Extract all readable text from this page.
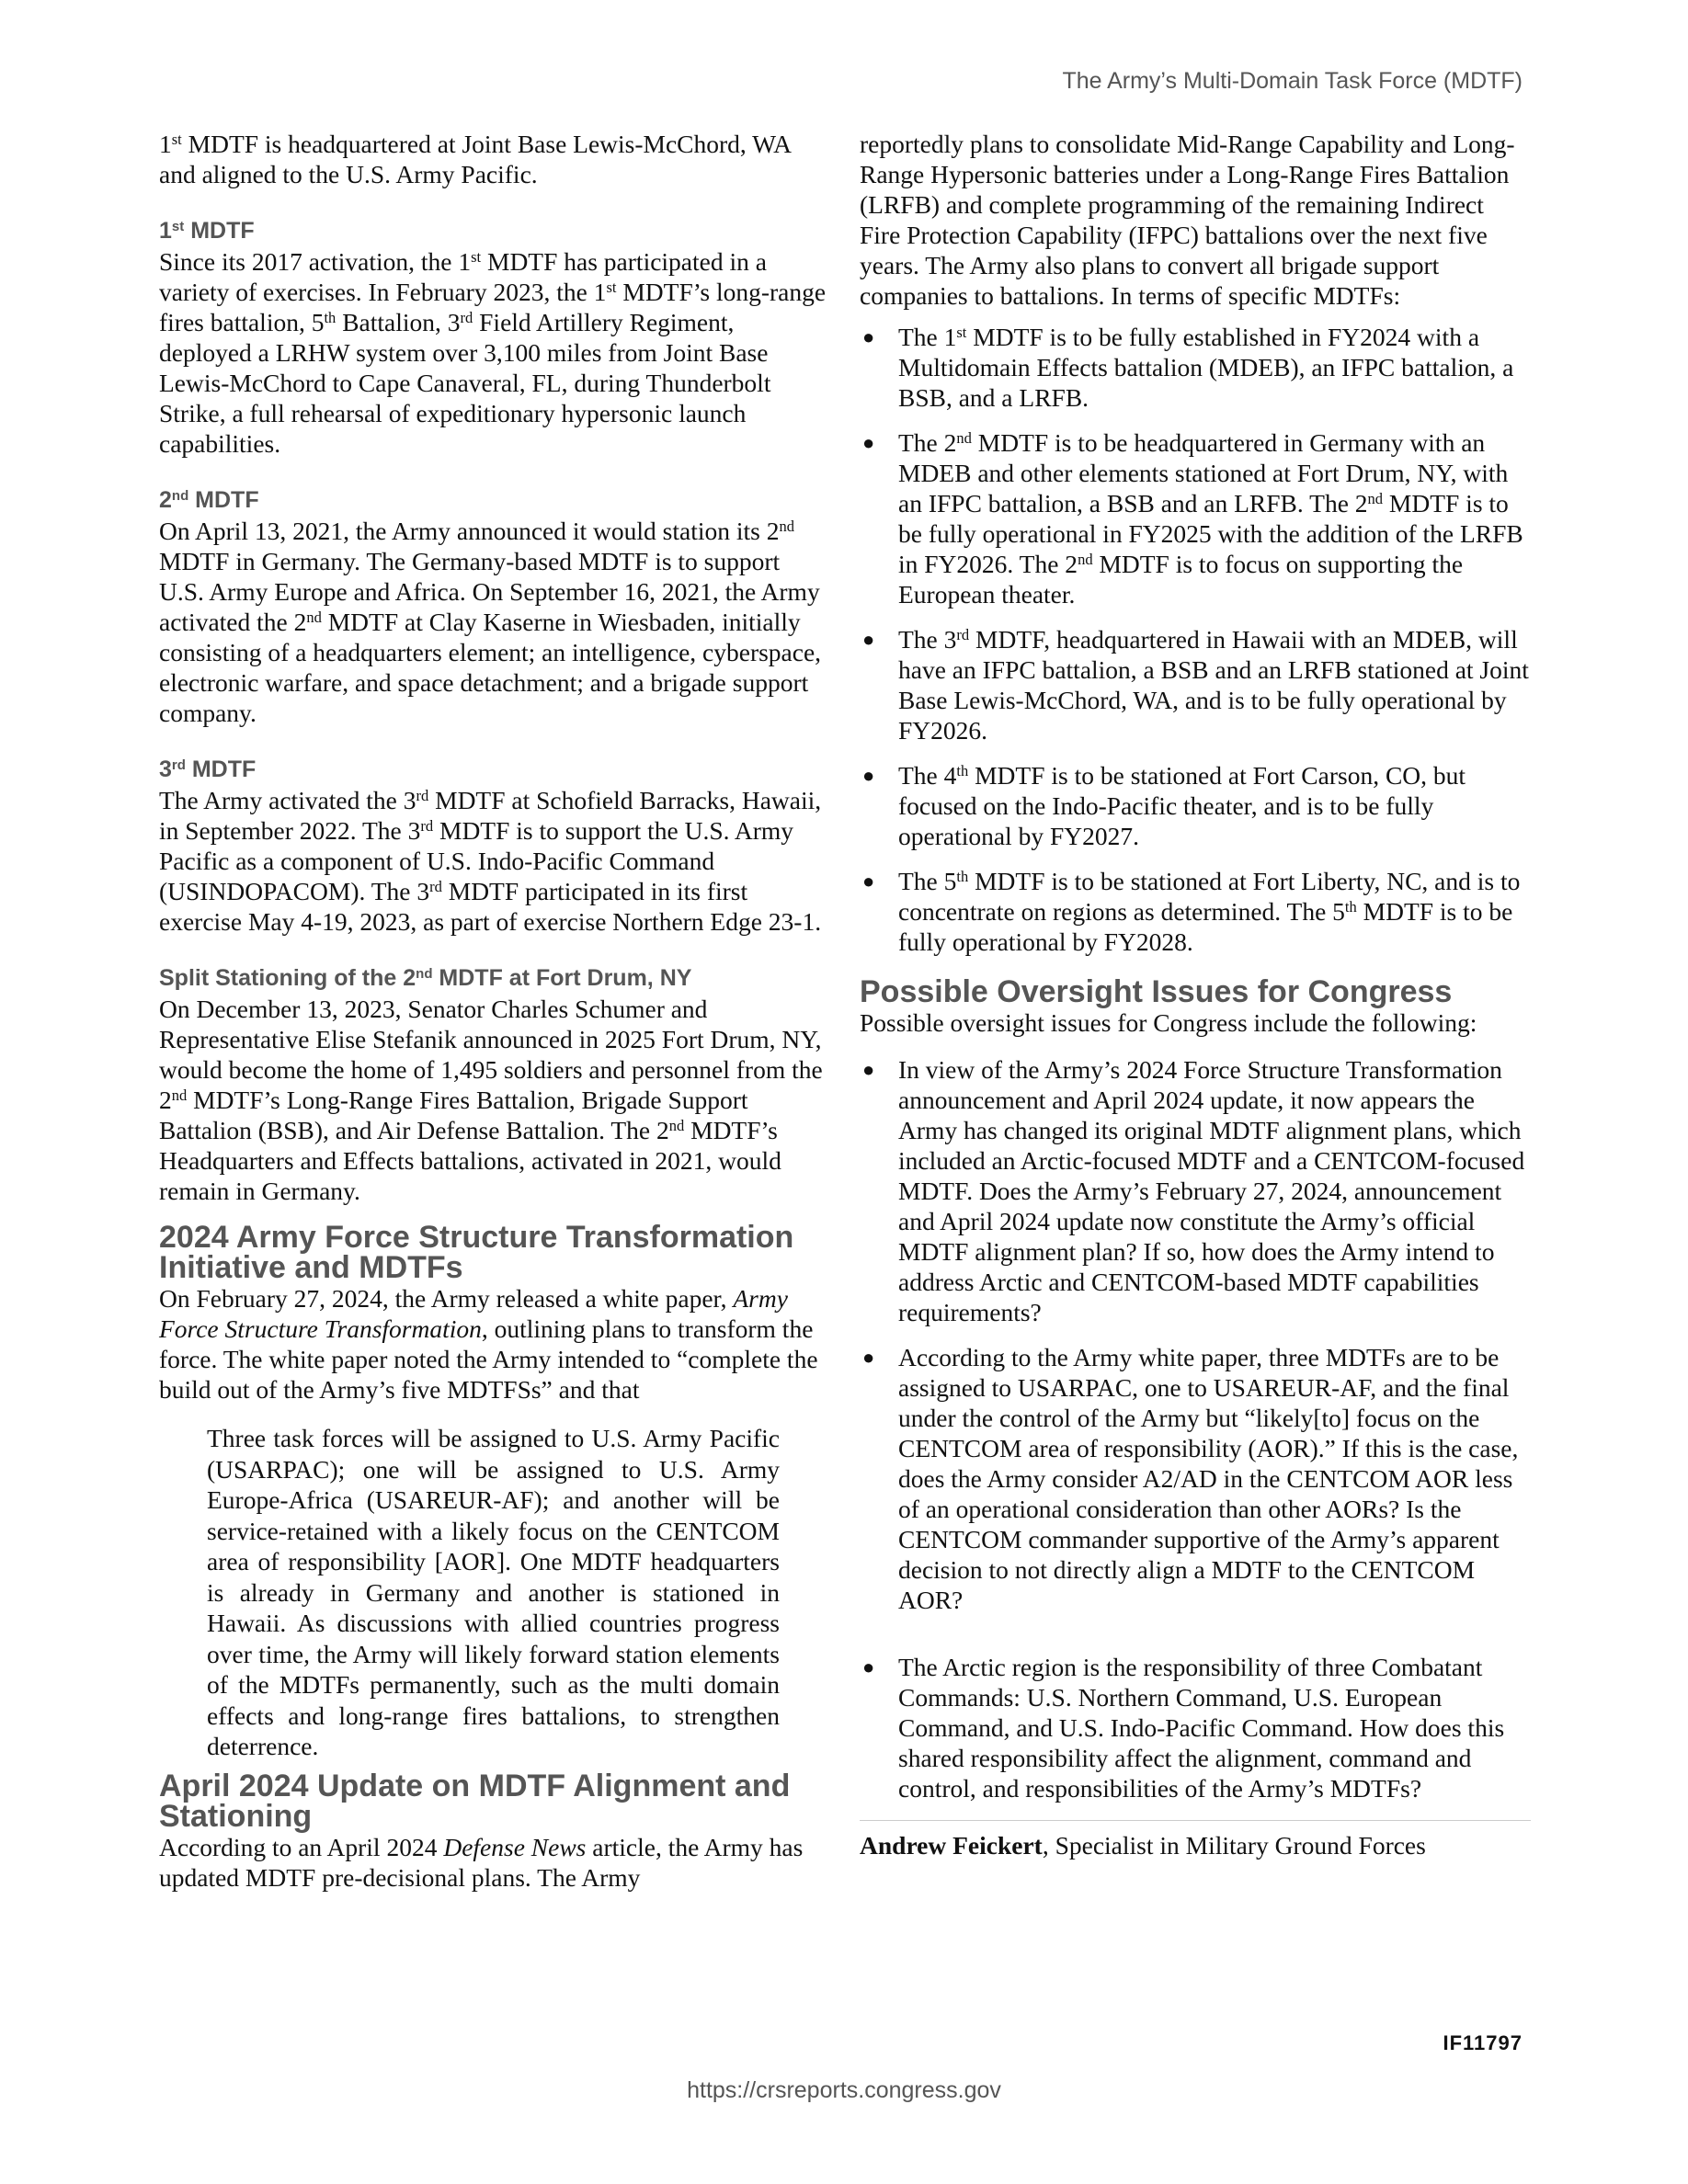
The Army’s Multi-Domain Task Force (MDTF)

1st MDTF is headquartered at Joint Base Lewis-McChord, WA and aligned to the U.S. Army Pacific.

1st MDTF

Since its 2017 activation, the 1st MDTF has participated in a variety of exercises. In February 2023, the 1st MDTF’s long-range fires battalion, 5th Battalion, 3rd Field Artillery Regiment, deployed a LRHW system over 3,100 miles from Joint Base Lewis-McChord to Cape Canaveral, FL, during Thunderbolt Strike, a full rehearsal of expeditionary hypersonic launch capabilities.

2nd MDTF

On April 13, 2021, the Army announced it would station its 2nd MDTF in Germany. The Germany-based MDTF is to support U.S. Army Europe and Africa. On September 16, 2021, the Army activated the 2nd MDTF at Clay Kaserne in Wiesbaden, initially consisting of a headquarters element; an intelligence, cyberspace, electronic warfare, and space detachment; and a brigade support company.

3rd MDTF

The Army activated the 3rd MDTF at Schofield Barracks, Hawaii, in September 2022. The 3rd MDTF is to support the U.S. Army Pacific as a component of U.S. Indo-Pacific Command (USINDOPACOM). The 3rd MDTF participated in its first exercise May 4-19, 2023, as part of exercise Northern Edge 23-1.

Split Stationing of the 2nd MDTF at Fort Drum, NY

On December 13, 2023, Senator Charles Schumer and Representative Elise Stefanik announced in 2025 Fort Drum, NY, would become the home of 1,495 soldiers and personnel from the 2nd MDTF’s Long-Range Fires Battalion, Brigade Support Battalion (BSB), and Air Defense Battalion. The 2nd MDTF’s Headquarters and Effects battalions, activated in 2021, would remain in Germany.

2024 Army Force Structure Transformation Initiative and MDTFs

On February 27, 2024, the Army released a white paper, Army Force Structure Transformation, outlining plans to transform the force. The white paper noted the Army intended to “complete the build out of the Army’s five MDTFSs” and that

Three task forces will be assigned to U.S. Army Pacific (USARPAC); one will be assigned to U.S. Army Europe-Africa (USAREUR-AF); and another will be service-retained with a likely focus on the CENTCOM area of responsibility [AOR]. One MDTF headquarters is already in Germany and another is stationed in Hawaii. As discussions with allied countries progress over time, the Army will likely forward station elements of the MDTFs permanently, such as the multi domain effects and long-range fires battalions, to strengthen deterrence.

April 2024 Update on MDTF Alignment and Stationing

According to an April 2024 Defense News article, the Army has updated MDTF pre-decisional plans. The Army

reportedly plans to consolidate Mid-Range Capability and Long-Range Hypersonic batteries under a Long-Range Fires Battalion (LRFB) and complete programming of the remaining Indirect Fire Protection Capability (IFPC) battalions over the next five years. The Army also plans to convert all brigade support companies to battalions. In terms of specific MDTFs:

● The 1st MDTF is to be fully established in FY2024 with a Multidomain Effects battalion (MDEB), an IFPC battalion, a BSB, and a LRFB.
● The 2nd MDTF is to be headquartered in Germany with an MDEB and other elements stationed at Fort Drum, NY, with an IFPC battalion, a BSB and an LRFB. The 2nd MDTF is to be fully operational in FY2025 with the addition of the LRFB in FY2026. The 2nd MDTF is to focus on supporting the European theater.
● The 3rd MDTF, headquartered in Hawaii with an MDEB, will have an IFPC battalion, a BSB and an LRFB stationed at Joint Base Lewis-McChord, WA, and is to be fully operational by FY2026.
● The 4th MDTF is to be stationed at Fort Carson, CO, but focused on the Indo-Pacific theater, and is to be fully operational by FY2027.
● The 5th MDTF is to be stationed at Fort Liberty, NC, and is to concentrate on regions as determined. The 5th MDTF is to be fully operational by FY2028.
Possible Oversight Issues for Congress

Possible oversight issues for Congress include the following:

● In view of the Army’s 2024 Force Structure Transformation announcement and April 2024 update, it now appears the Army has changed its original MDTF alignment plans, which included an Arctic-focused MDTF and a CENTCOM-focused MDTF. Does the Army’s February 27, 2024, announcement and April 2024 update now constitute the Army’s official MDTF alignment plan? If so, how does the Army intend to address Arctic and CENTCOM-based MDTF capabilities requirements?
● According to the Army white paper, three MDTFs are to be assigned to USARPAC, one to USAREUR-AF, and the final under the control of the Army but “likely[to] focus on the CENTCOM area of responsibility (AOR).” If this is the case, does the Army consider A2/AD in the CENTCOM AOR less of an operational consideration than other AORs? Is the CENTCOM commander supportive of the Army’s apparent decision to not directly align a MDTF to the CENTCOM AOR?
● The Arctic region is the responsibility of three Combatant Commands: U.S. Northern Command, U.S. European Command, and U.S. Indo-Pacific Command. How does this shared responsibility affect the alignment, command and control, and responsibilities of the Army’s MDTFs?
Andrew Feickert, Specialist in Military Ground Forces
IF11797
https://crsreports.congress.gov
